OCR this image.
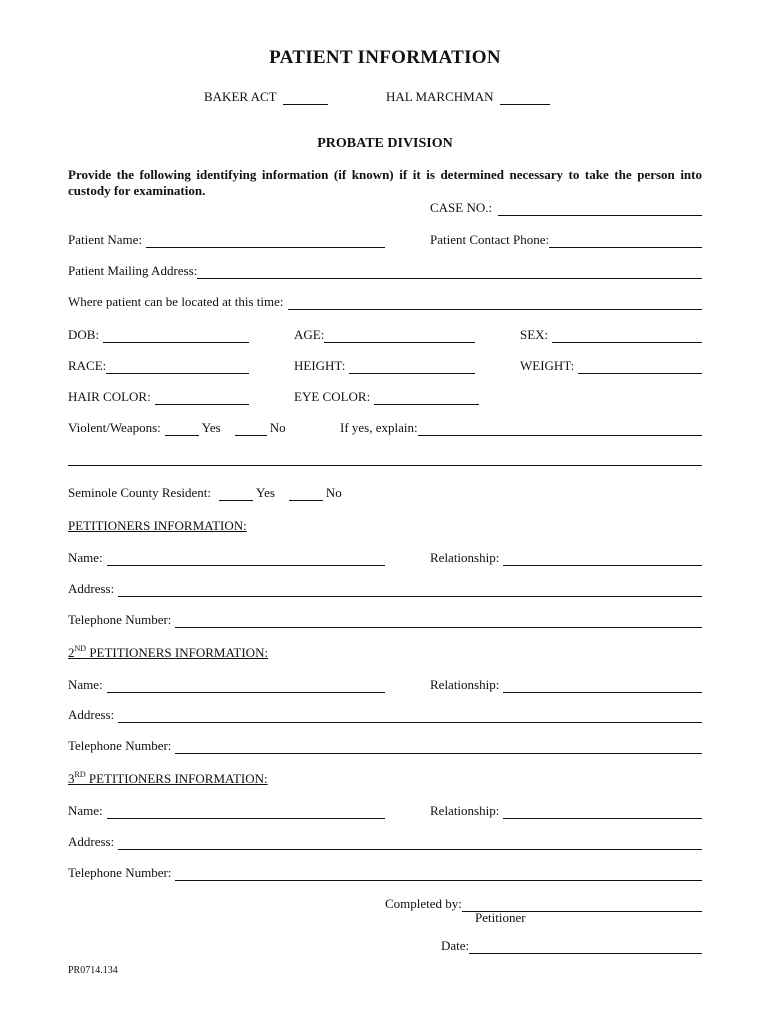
PATIENT INFORMATION
BAKER ACT	HAL MARCHMAN
PROBATE DIVISION
Provide the following identifying information (if known) if it is determined necessary to take the person into custody for examination.
CASE NO.:
Patient Name:	Patient Contact Phone:
Patient Mailing Address:
Where patient can be located at this time:
DOB:	AGE:	SEX:
RACE:	HEIGHT:	WEIGHT:
HAIR COLOR:	EYE COLOR:
Violent/Weapons:	Yes	No	If yes, explain:
Seminole County Resident:	Yes	No
PETITIONERS INFORMATION:
Name:	Relationship:
Address:
Telephone Number:
2ND PETITIONERS INFORMATION:
Name:	Relationship:
Address:
Telephone Number:
3RD PETITIONERS INFORMATION:
Name:	Relationship:
Address:
Telephone Number:
Completed by:
Petitioner
Date:
PR0714.134
